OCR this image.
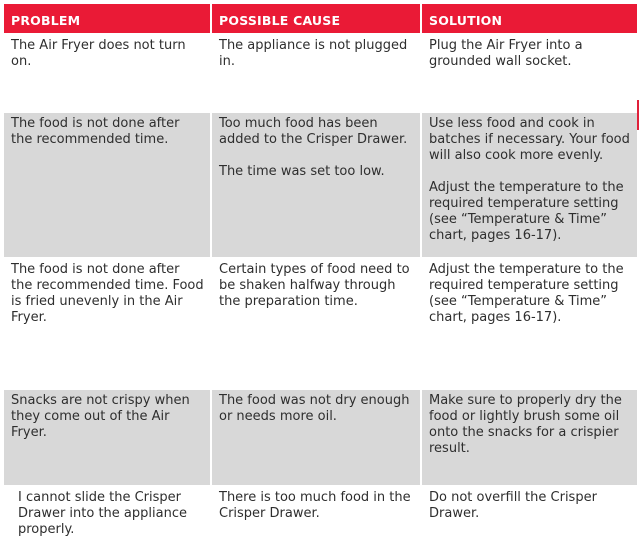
PROBLEM	POSSIBLE CAUSE	SOLUTION

The Air Fryer does not turn on.

The appliance is not plugged in.

Plug the Air Fryer into a grounded wall socket.

The food is not done after the recommended time.

Too much food has been added to the Crisper Drawer.

The time was set too low.

Use less food and cook in batches if necessary. Your food will also cook more evenly.

Adjust the temperature to the required temperature setting (see “Temperature & Time” chart, pages 16-17).

The food is not done after the recommended time. Food is fried unevenly in the Air Fryer.

Certain types of food need to be shaken halfway through the preparation time.

Adjust the temperature to the required temperature setting (see “Temperature & Time” chart, pages 16-17).

Snacks are not crispy when they come out of the Air Fryer.

The food was not dry enough or needs more oil.

Make sure to properly dry the food or lightly brush some oil onto the snacks for a crispier result.

I cannot slide the Crisper Drawer into the appliance properly.

There is too much food in the Crisper Drawer.

Do not overfill the Crisper Drawer.
